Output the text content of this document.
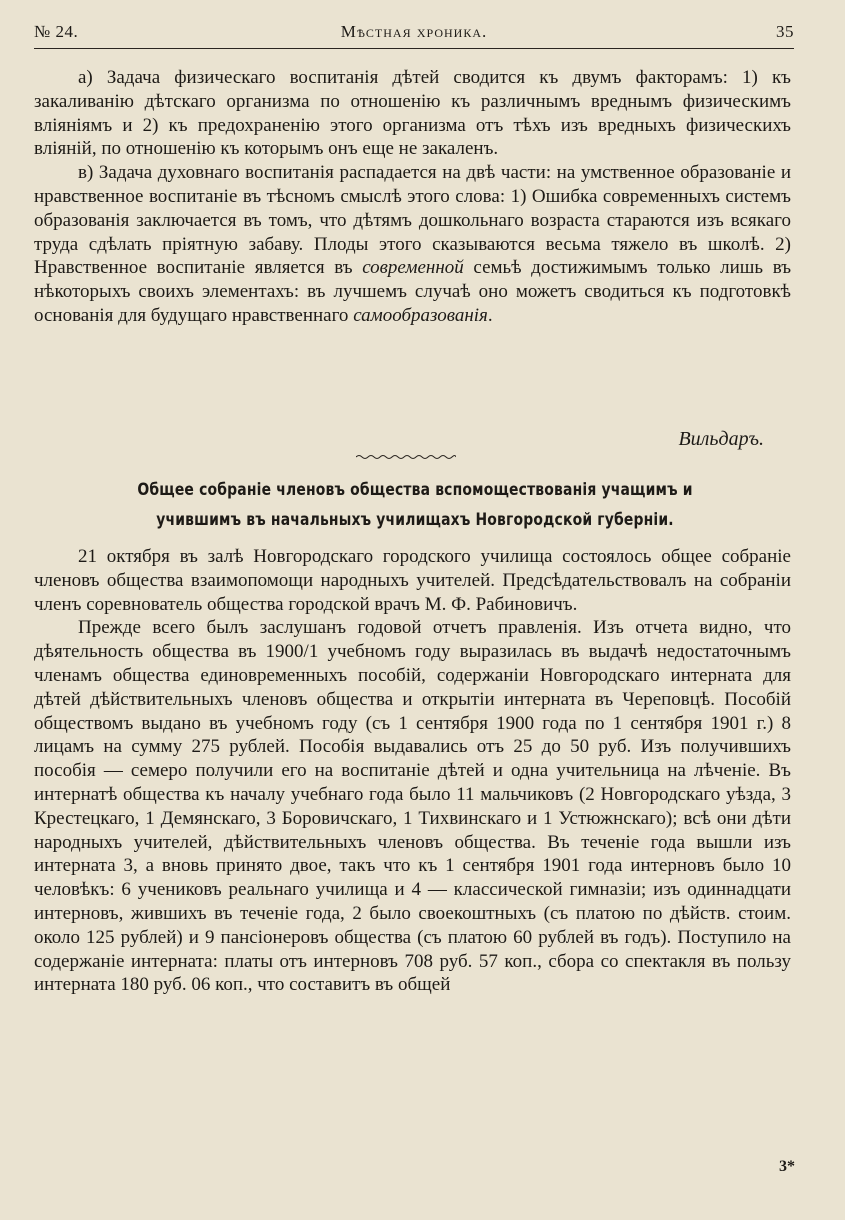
№ 24.	Мѣстная хроника.	35

а) Задача физическаго воспитанія дѣтей сводится къ двумъ факторамъ: 1) къ закаливанію дѣтскаго организма по отношенію къ различнымъ вреднымъ физическимъ вліяніямъ и 2) къ предохраненію этого организма отъ тѣхъ изъ вредныхъ физическихъ вліяній, по отношенію къ которымъ онъ еще не закаленъ.

в) Задача духовнаго воспитанія распадается на двѣ части: на умственное образованіе и нравственное воспитаніе въ тѣсномъ смыслѣ этого слова: 1) Ошибка современныхъ системъ образованія заключается въ томъ, что дѣтямъ дошкольнаго возраста стараются изъ всякаго труда сдѣлать пріятную забаву. Плоды этого сказываются весьма тяжело въ школѣ. 2) Нравственное воспитаніе является въ современной семьѣ достижимымъ только лишь въ нѣкоторыхъ своихъ элементахъ: въ лучшемъ случаѣ оно можетъ сводиться къ подготовкѣ основанія для будущаго нравственнаго самообразованія.

Вильдаръ.
Общее собраніе членовъ общества вспомоществованія учащимъ и учившимъ въ начальныхъ училищахъ Новгородской губерніи.

21 октября въ залѣ Новгородскаго городского училища состоялось общее собраніе членовъ общества взаимопомощи народныхъ учителей. Предсѣдательствовалъ на собраніи членъ соревнователь общества городской врачъ М. Ф. Рабиновичъ.

Прежде всего былъ заслушанъ годовой отчетъ правленія. Изъ отчета видно, что дѣятельность общества въ 1900/1 учебномъ году выразилась въ выдачѣ недостаточнымъ членамъ общества единовременныхъ пособій, содержаніи Новгородскаго интерната для дѣтей дѣйствительныхъ членовъ общества и открытіи интерната въ Череповцѣ. Пособій обществомъ выдано въ учебномъ году (съ 1 сентября 1900 года по 1 сентября 1901 г.) 8 лицамъ на сумму 275 рублей. Пособія выдавались отъ 25 до 50 руб. Изъ получившихъ пособія — семеро получили его на воспитаніе дѣтей и одна учительница на лѣченіе. Въ интернатѣ общества къ началу учебнаго года было 11 мальчиковъ (2 Новгородскаго уѣзда, 3 Крестецкаго, 1 Демянскаго, 3 Боровичскаго, 1 Тихвинскаго и 1 Устюжнскаго); всѣ они дѣти народныхъ учителей, дѣйствительныхъ членовъ общества. Въ теченіе года вышли изъ интерната 3, а вновь принято двое, такъ что къ 1 сентября 1901 года интерновъ было 10 человѣкъ: 6 учениковъ реальнаго училища и 4 — классической гимназіи; изъ одиннадцати интерновъ, жившихъ въ теченіе года, 2 было своекоштныхъ (съ платою по дѣйств. стоим. около 125 рублей) и 9 пансіонеровъ общества (съ платою 60 рублей въ годъ). Поступило на содержаніе интерната: платы отъ интерновъ 708 руб. 57 коп., сбора со спектакля въ пользу интерната 180 руб. 06 коп., что составитъ въ общей

3*
